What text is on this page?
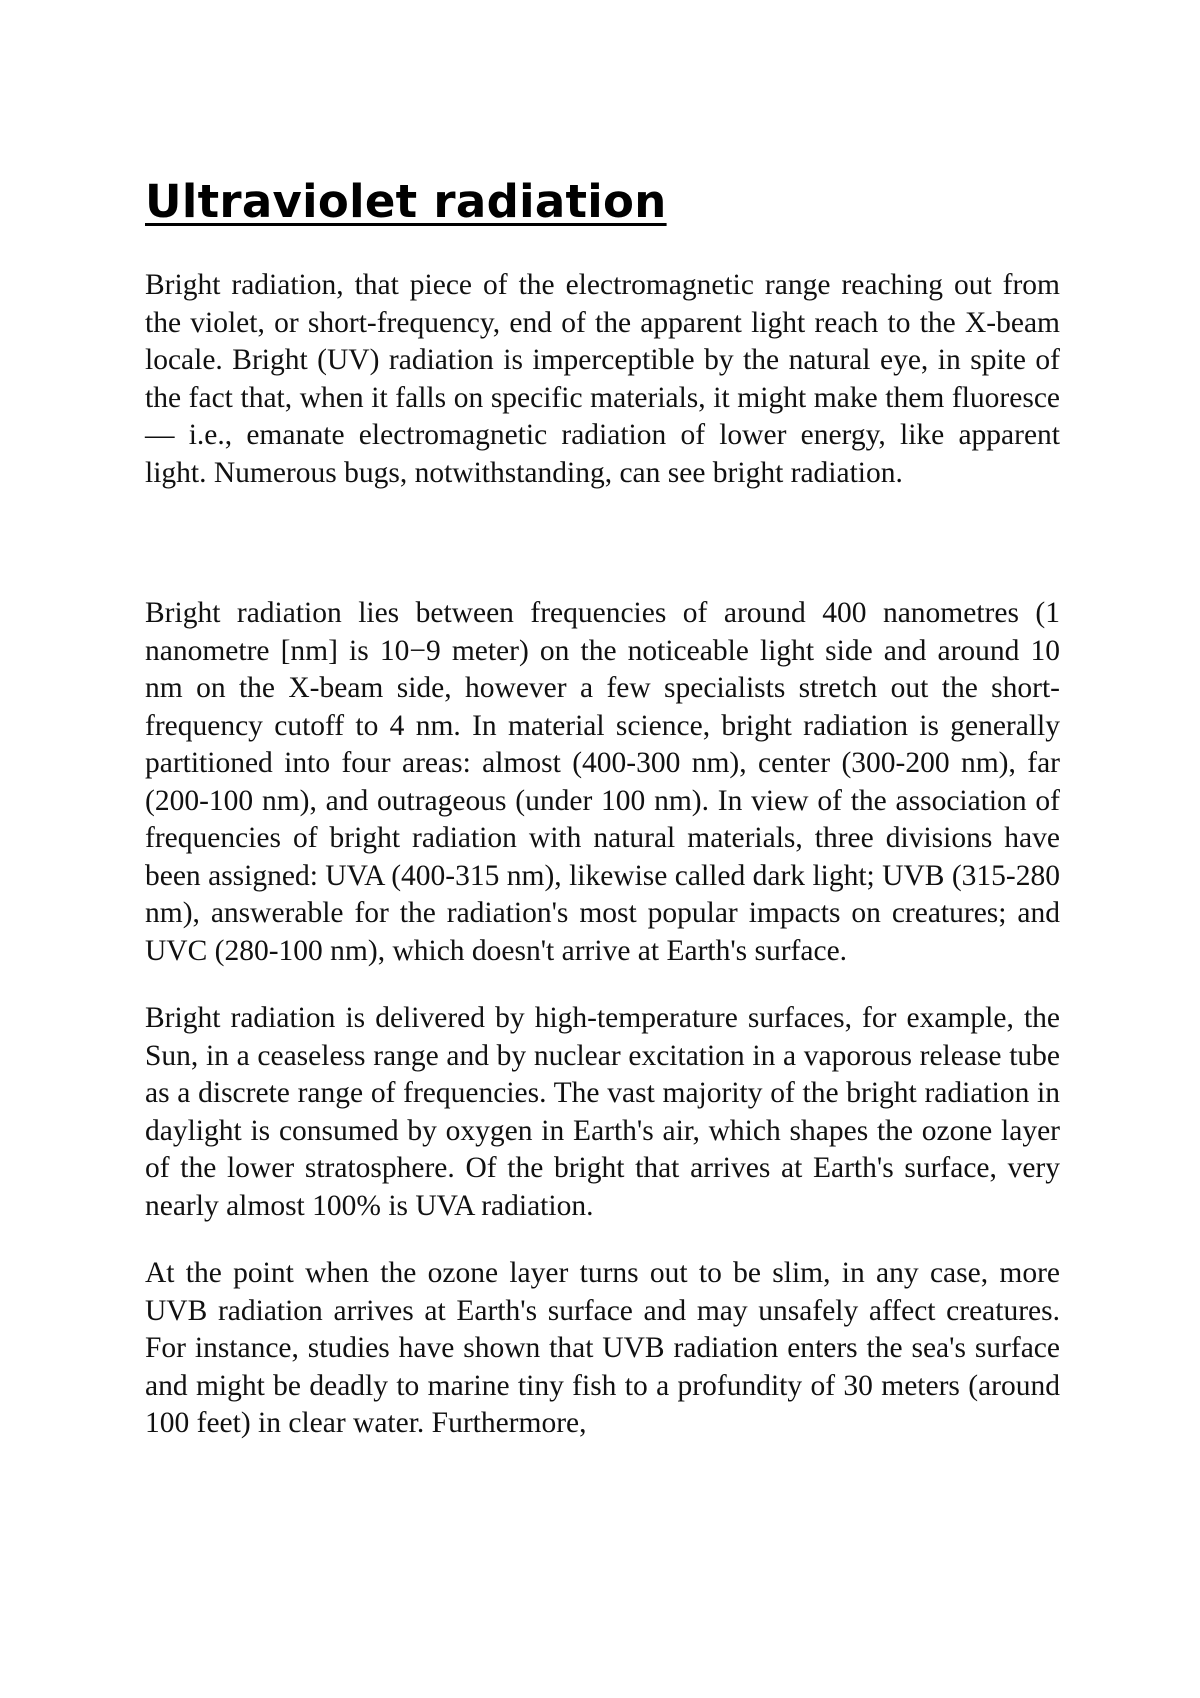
Ultraviolet radiation

Bright radiation, that piece of the electromagnetic range reaching out from the violet, or short-frequency, end of the apparent light reach to the X-beam locale. Bright (UV) radiation is imperceptible by the natural eye, in spite of the fact that, when it falls on specific materials, it might make them fluoresce — i.e., emanate electromagnetic radiation of lower energy, like apparent light. Numerous bugs, notwithstanding, can see bright radiation.

Bright radiation lies between frequencies of around 400 nanometres (1 nanometre [nm] is 10−9 meter) on the noticeable light side and around 10 nm on the X-beam side, however a few specialists stretch out the short-frequency cutoff to 4 nm. In material science, bright radiation is generally partitioned into four areas: almost (400-300 nm), center (300-200 nm), far (200-100 nm), and outrageous (under 100 nm). In view of the association of frequencies of bright radiation with natural materials, three divisions have been assigned: UVA (400-315 nm), likewise called dark light; UVB (315-280 nm), answerable for the radiation's most popular impacts on creatures; and UVC (280-100 nm), which doesn't arrive at Earth's surface.

Bright radiation is delivered by high-temperature surfaces, for example, the Sun, in a ceaseless range and by nuclear excitation in a vaporous release tube as a discrete range of frequencies. The vast majority of the bright radiation in daylight is consumed by oxygen in Earth's air, which shapes the ozone layer of the lower stratosphere. Of the bright that arrives at Earth's surface, very nearly almost 100% is UVA radiation.

At the point when the ozone layer turns out to be slim, in any case, more UVB radiation arrives at Earth's surface and may unsafely affect creatures. For instance, studies have shown that UVB radiation enters the sea's surface and might be deadly to marine tiny fish to a profundity of 30 meters (around 100 feet) in clear water. Furthermore,
